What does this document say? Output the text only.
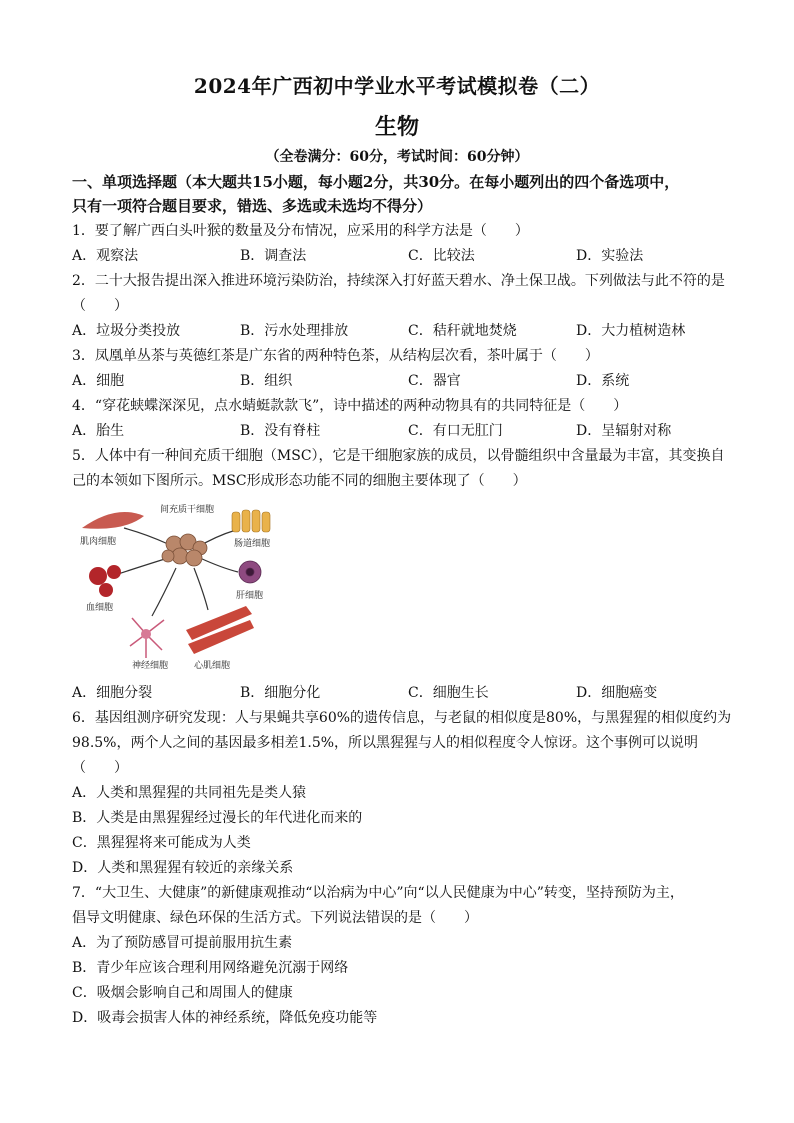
2024年广西初中学业水平考试模拟卷（二）
生物
（全卷满分：60分，考试时间：60分钟）
一、单项选择题（本大题共15小题，每小题2分，共30分。在每小题列出的四个备选项中，
只有一项符合题目要求，错选、多选或未选均不得分）
1．要了解广西白头叶猴的数量及分布情况，应采用的科学方法是（　　）
A．观察法	B．调查法	C．比较法	D．实验法
2．二十大报告提出深入推进环境污染防治，持续深入打好蓝天碧水、净土保卫战。下列做法与此不符的是
（　　）
A．垃圾分类投放	B．污水处理排放	C．秸秆就地焚烧	D．大力植树造林
3．凤凰单丛茶与英德红茶是广东省的两种特色茶，从结构层次看，茶叶属于（　　）
A．细胞	B．组织	C．器官	D．系统
4．“穿花蛱蝶深深见，点水蜻蜓款款飞”，诗中描述的两种动物具有的共同特征是（　　）
A．胎生	B．没有脊柱	C．有口无肛门	D．呈辐射对称
5．人体中有一种间充质干细胞（MSC），它是干细胞家族的成员，以骨髓组织中含量最为丰富，其变换自
己的本领如下图所示。MSC形成形态功能不同的细胞主要体现了（　　）
间充质干细胞
肌肉细胞	肠道细胞
血细胞
肝细胞
神经细胞	心肌细胞
A．细胞分裂	B．细胞分化	C．细胞生长	D．细胞癌变
6．基因组测序研究发现：人与果蝇共享60%的遗传信息，与老鼠的相似度是80%，与黑猩猩的相似度约为
98.5%，两个人之间的基因最多相差1.5%，所以黑猩猩与人的相似程度令人惊讶。这个事例可以说明
（　　）
A．人类和黑猩猩的共同祖先是类人猿
B．人类是由黑猩猩经过漫长的年代进化而来的
C．黑猩猩将来可能成为人类
D．人类和黑猩猩有较近的亲缘关系
7．“大卫生、大健康”的新健康观推动“以治病为中心”向“以人民健康为中心”转变，坚持预防为主，
倡导文明健康、绿色环保的生活方式。下列说法错误的是（　　）
A．为了预防感冒可提前服用抗生素
B．青少年应该合理利用网络避免沉溺于网络
C．吸烟会影响自己和周围人的健康
D．吸毒会损害人体的神经系统，降低免疫功能等
